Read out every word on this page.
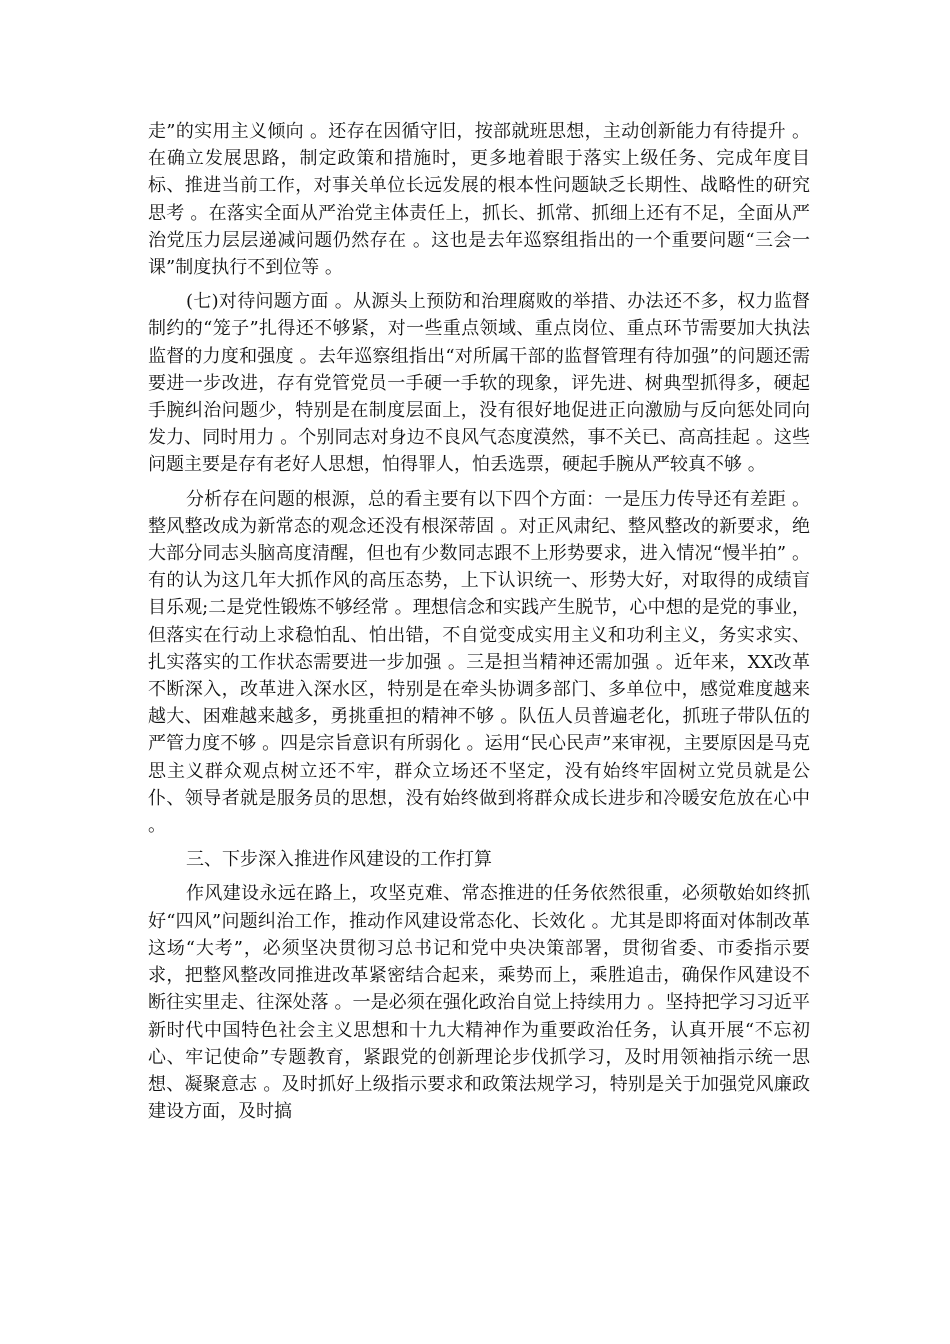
走”的实用主义倾向 。还存在因循守旧，按部就班思想，主动创新能力有待提升 。在确立发展思路，制定政策和措施时，更多地着眼于落实上级任务、完成年度目标、推进当前工作，对事关单位长远发展的根本性问题缺乏长期性、战略性的研究思考 。在落实全面从严治党主体责任上，抓长、抓常、抓细上还有不足，全面从严治党压力层层递减问题仍然存在 。这也是去年巡察组指出的一个重要问题“三会一课”制度执行不到位等 。

(七)对待问题方面 。从源头上预防和治理腐败的举措、办法还不多，权力监督制约的“笼子”扎得还不够紧，对一些重点领域、重点岗位、重点环节需要加大执法监督的力度和强度 。去年巡察组指出“对所属干部的监督管理有待加强”的问题还需要进一步改进，存有党管党员一手硬一手软的现象，评先进、树典型抓得多，硬起手腕纠治问题少，特别是在制度层面上，没有很好地促进正向激励与反向惩处同向发力、同时用力 。个别同志对身边不良风气态度漠然，事不关已、高高挂起 。这些问题主要是存有老好人思想，怕得罪人，怕丢选票，硬起手腕从严较真不够 。

分析存在问题的根源，总的看主要有以下四个方面：一是压力传导还有差距 。整风整改成为新常态的观念还没有根深蒂固 。对正风肃纪、整风整改的新要求，绝大部分同志头脑高度清醒，但也有少数同志跟不上形势要求，进入情况“慢半拍” 。有的认为这几年大抓作风的高压态势，上下认识统一、形势大好，对取得的成绩盲目乐观;二是党性锻炼不够经常 。理想信念和实践产生脱节，心中想的是党的事业，但落实在行动上求稳怕乱、怕出错，不自觉变成实用主义和功利主义，务实求实、扎实落实的工作状态需要进一步加强 。三是担当精神还需加强 。近年来，XX改革不断深入，改革进入深水区，特别是在牵头协调多部门、多单位中，感觉难度越来越大、困难越来越多，勇挑重担的精神不够 。队伍人员普遍老化，抓班子带队伍的严管力度不够 。四是宗旨意识有所弱化 。运用“民心民声”来审视，主要原因是马克思主义群众观点树立还不牢，群众立场还不坚定，没有始终牢固树立党员就是公仆、领导者就是服务员的思想，没有始终做到将群众成长进步和冷暖安危放在心中 。

三、下步深入推进作风建设的工作打算

作风建设永远在路上，攻坚克难、常态推进的任务依然很重，必须敬始如终抓好“四风”问题纠治工作，推动作风建设常态化、长效化 。尤其是即将面对体制改革这场“大考”，必须坚决贯彻习总书记和党中央决策部署，贯彻省委、市委指示要求，把整风整改同推进改革紧密结合起来，乘势而上，乘胜追击，确保作风建设不断往实里走、往深处落 。一是必须在强化政治自觉上持续用力 。坚持把学习习近平新时代中国特色社会主义思想和十九大精神作为重要政治任务，认真开展“不忘初心、牢记使命”专题教育，紧跟党的创新理论步伐抓学习，及时用领袖指示统一思想、凝聚意志 。及时抓好上级指示要求和政策法规学习，特别是关于加强党风廉政建设方面，及时搞
